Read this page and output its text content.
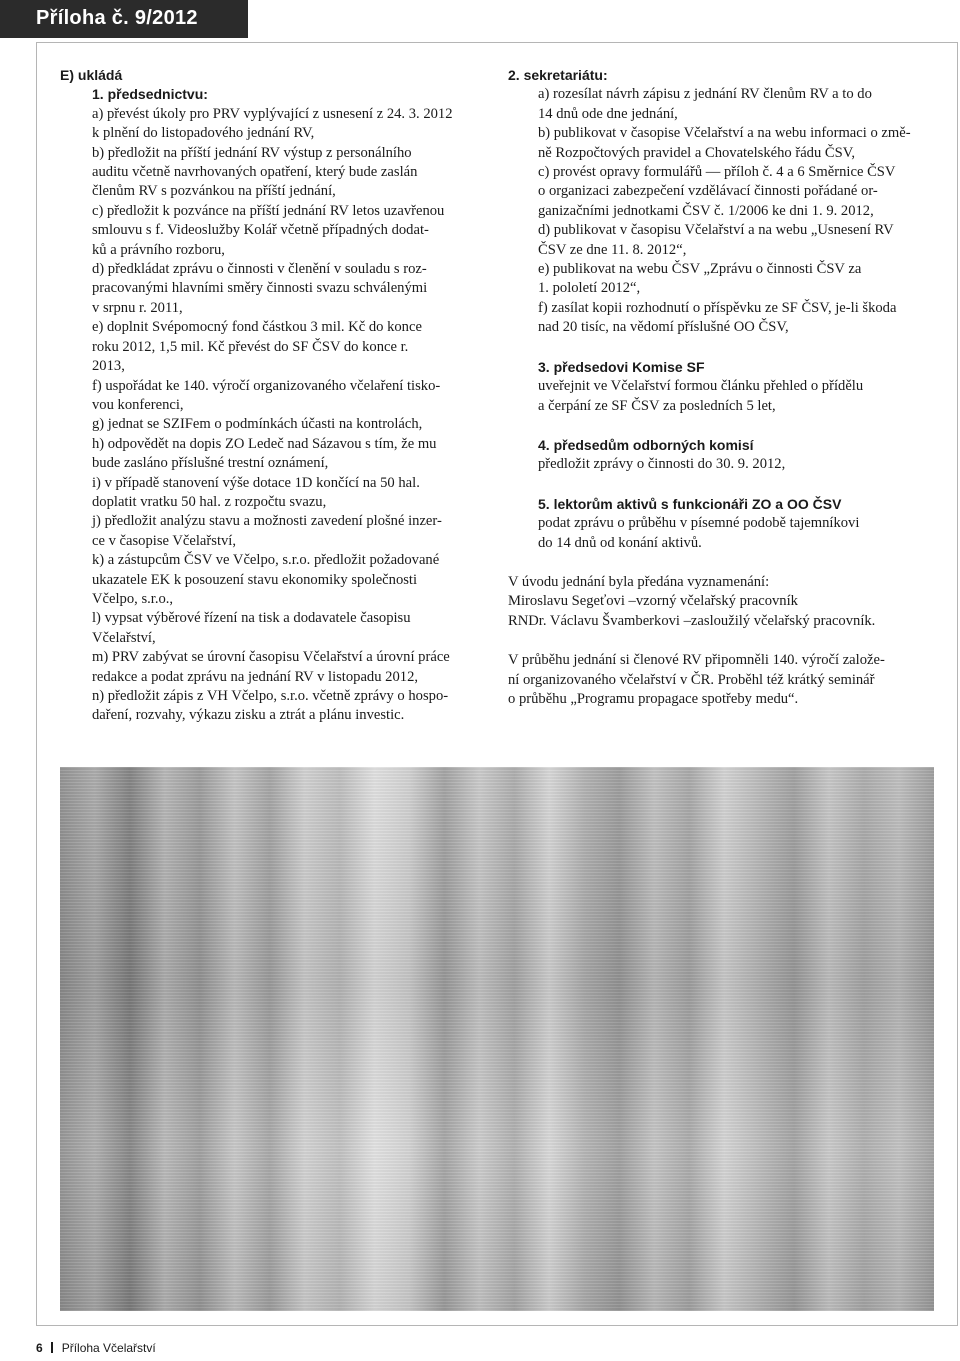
Příloha č. 9/2012
E) ukládá
1. předsednictvu:
a) převést úkoly pro PRV vyplývající z usnesení z 24. 3. 2012
k plnění do listopadového jednání RV,
b) předložit na příští jednání RV výstup z personálního
auditu včetně navrhovaných opatření, který bude zaslán
členům RV s pozvánkou na příští jednání,
c) předložit k pozvánce na příští jednání RV letos uzavřenou
smlouvu s f. Videoslužby Kolář včetně případných dodat-
ků a právního rozboru,
d) předkládat zprávu o činnosti v členění v souladu s roz-
pracovanými hlavními směry činnosti svazu schválenými
v srpnu r. 2011,
e) doplnit Svépomocný fond částkou 3 mil. Kč do konce
roku 2012, 1,5 mil. Kč převést do SF ČSV do konce r.
2013,
f) uspořádat ke 140. výročí organizovaného včelaření tisko-
vou konferenci,
g) jednat se SZIFem o podmínkách účasti na kontrolách,
h) odpovědět na dopis ZO Ledeč nad Sázavou s tím, že mu
bude zasláno příslušné trestní oznámení,
i) v případě stanovení výše dotace 1D končící na 50 hal.
doplatit vratku 50 hal. z rozpočtu svazu,
j) předložit analýzu stavu a možnosti zavedení plošné inzer-
ce v časopise Včelařství,
k) a zástupcům ČSV ve Včelpo, s.r.o. předložit požadované
ukazatele EK k posouzení stavu ekonomiky společnosti
Včelpo, s.r.o.,
l) vypsat výběrové řízení na tisk a dodavatele časopisu
Včelařství,
m) PRV zabývat se úrovní časopisu Včelařství a úrovní práce
redakce a podat zprávu na jednání RV v listopadu 2012,
n) předložit zápis z VH Včelpo, s.r.o. včetně zprávy o hospo-
daření, rozvahy, výkazu zisku a ztrát a plánu investic.
2. sekretariátu:
a) rozesílat návrh zápisu z jednání RV členům RV a to do
14 dnů ode dne jednání,
b) publikovat v časopise Včelařství a na webu informaci o změ-
ně Rozpočtových pravidel a Chovatelského řádu ČSV,
c) provést opravy formulářů — příloh č. 4 a 6 Směrnice ČSV
o organizaci zabezpečení vzdělávací činnosti pořádané or-
ganizačními jednotkami ČSV č. 1/2006 ke dni 1. 9. 2012,
d) publikovat v časopisu Včelařství a na webu „Usnesení RV
ČSV ze dne 11. 8. 2012“,
e) publikovat na webu ČSV „Zprávu o činnosti ČSV za
1. pololetí 2012“,
f) zasílat kopii rozhodnutí o příspěvku ze SF ČSV, je-li škoda
nad 20 tisíc, na vědomí příslušné OO ČSV,
3. předsedovi Komise SF
uveřejnit ve Včelařství formou článku přehled o přídělu
a čerpání ze SF ČSV za posledních 5 let,
4. předsedům odborných komisí
předložit zprávy o činnosti do 30. 9. 2012,
5. lektorům aktivů s funkcionáři ZO a OO ČSV
podat zprávu o průběhu v písemné podobě tajemníkovi
do 14 dnů od konání aktivů.
V úvodu jednání byla předána vyznamenání:
Miroslavu Segeťovi –vzorný včelařský pracovník
RNDr. Václavu Švamberkovi –zasloužilý včelařský pracovník.
V průběhu jednání si členové RV připomněli 140. výročí založe-
ní organizovaného včelařství v ČR. Proběhl též krátký seminář
o průběhu „Programu propagace spotřeby medu“.
6 Příloha Včelařství
